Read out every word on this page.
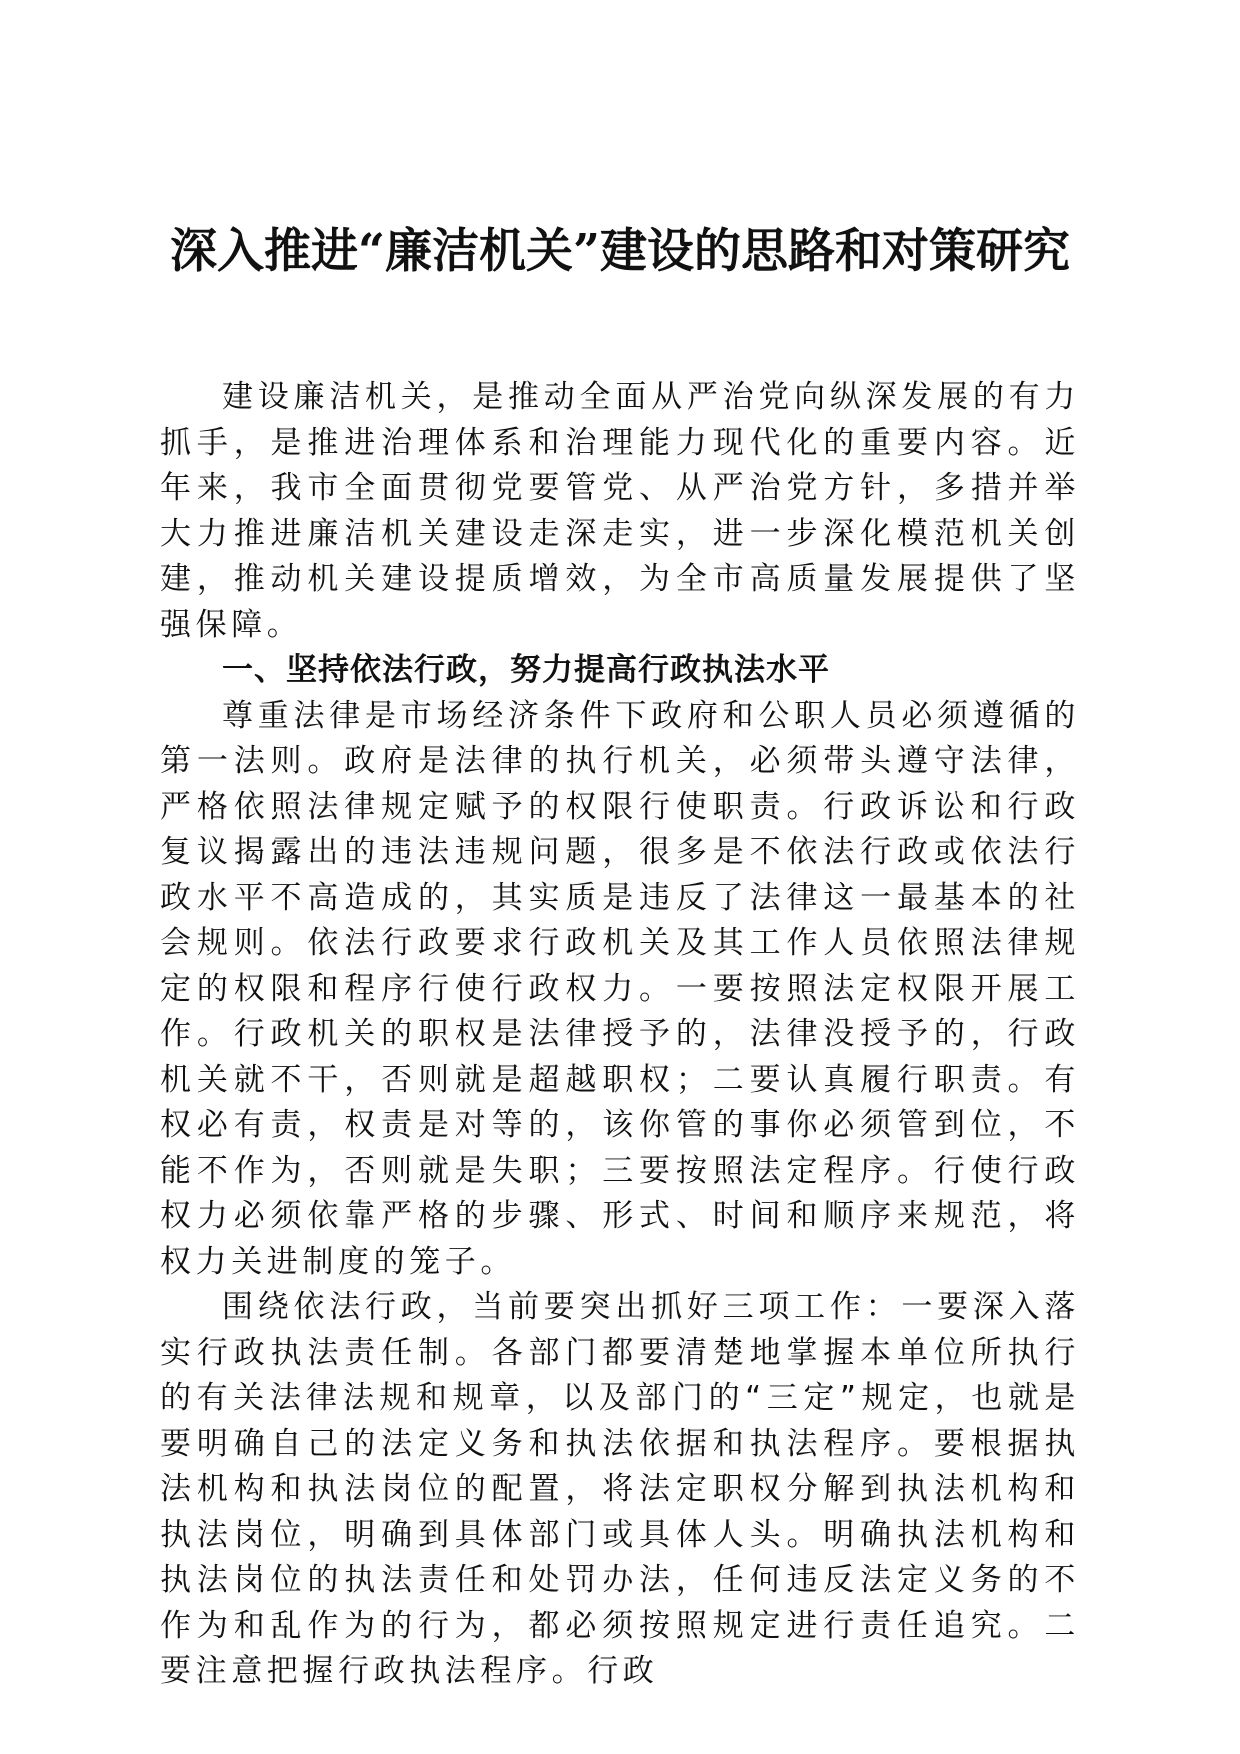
深入推进“廉洁机关”建设的思路和对策研究

建设廉洁机关，是推动全面从严治党向纵深发展的有力抓手，是推进治理体系和治理能力现代化的重要内容。近年来，我市全面贯彻党要管党、从严治党方针，多措并举大力推进廉洁机关建设走深走实，进一步深化模范机关创建，推动机关建设提质增效，为全市高质量发展提供了坚强保障。

一、坚持依法行政，努力提高行政执法水平

尊重法律是市场经济条件下政府和公职人员必须遵循的第一法则。政府是法律的执行机关，必须带头遵守法律，严格依照法律规定赋予的权限行使职责。行政诉讼和行政复议揭露出的违法违规问题，很多是不依法行政或依法行政水平不高造成的，其实质是违反了法律这一最基本的社会规则。依法行政要求行政机关及其工作人员依照法律规定的权限和程序行使行政权力。一要按照法定权限开展工作。行政机关的职权是法律授予的，法律没授予的，行政机关就不干，否则就是超越职权；二要认真履行职责。有权必有责，权责是对等的，该你管的事你必须管到位，不能不作为，否则就是失职；三要按照法定程序。行使行政权力必须依靠严格的步骤、形式、时间和顺序来规范，将权力关进制度的笼子。

围绕依法行政，当前要突出抓好三项工作：一要深入落实行政执法责任制。各部门都要清楚地掌握本单位所执行的有关法律法规和规章，以及部门的“三定”规定，也就是要明确自己的法定义务和执法依据和执法程序。要根据执法机构和执法岗位的配置，将法定职权分解到执法机构和执法岗位，明确到具体部门或具体人头。明确执法机构和执法岗位的执法责任和处罚办法，任何违反法定义务的不作为和乱作为的行为，都必须按照规定进行责任追究。二要注意把握行政执法程序。行政
